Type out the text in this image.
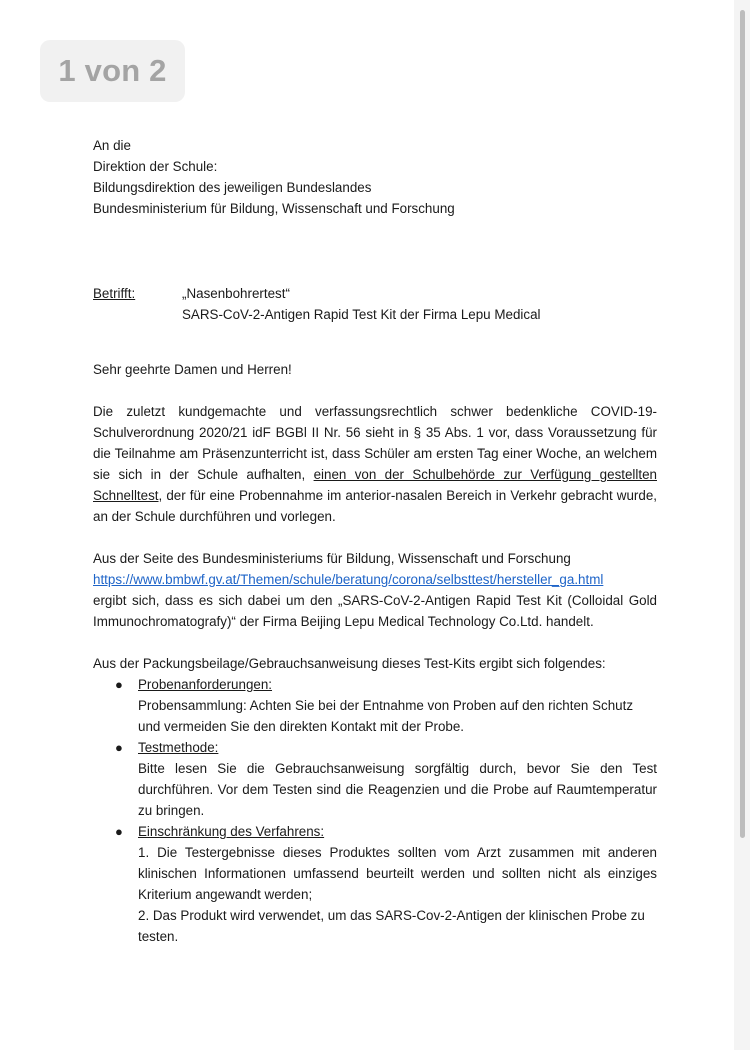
1 von 2
An die
Direktion der Schule:
Bildungsdirektion des jeweiligen Bundeslandes
Bundesministerium für Bildung, Wissenschaft und Forschung
Betrifft:	„Nasenbohrertest“
SARS-CoV-2-Antigen Rapid Test Kit der Firma Lepu Medical
Sehr geehrte Damen und Herren!
Die zuletzt kundgemachte und verfassungsrechtlich schwer bedenkliche COVID-19- Schulverordnung 2020/21 idF BGBl II Nr. 56 sieht in § 35 Abs. 1 vor, dass Voraussetzung für die Teilnahme am Präsenzunterricht ist, dass Schüler am ersten Tag einer Woche, an welchem sie sich in der Schule aufhalten, einen von der Schulbehörde zur Verfügung gestellten Schnelltest, der für eine Probennahme im anterior-nasalen Bereich in Verkehr gebracht wurde, an der Schule durchführen und vorlegen.
Aus der Seite des Bundesministeriums für Bildung, Wissenschaft und Forschung
https://www.bmbwf.gv.at/Themen/schule/beratung/corona/selbsttest/hersteller_ga.html
ergibt sich, dass es sich dabei um den „SARS-CoV-2-Antigen Rapid Test Kit (Colloidal Gold Immunochromatografy)“ der Firma Beijing Lepu Medical Technology Co.Ltd. handelt.
Aus der Packungsbeilage/Gebrauchsanweisung dieses Test-Kits ergibt sich folgendes:
● Probenanforderungen:
Probensammlung: Achten Sie bei der Entnahme von Proben auf den richten Schutz
und vermeiden Sie den direkten Kontakt mit der Probe.
● Testmethode:
Bitte lesen Sie die Gebrauchsanweisung sorgfältig durch, bevor Sie den Test durchführen. Vor dem Testen sind die Reagenzien und die Probe auf Raumtemperatur zu bringen.
● Einschränkung des Verfahrens:
1. Die Testergebnisse dieses Produktes sollten vom Arzt zusammen mit anderen klinischen Informationen umfassend beurteilt werden und sollten nicht als einziges Kriterium angewandt werden;
2. Das Produkt wird verwendet, um das SARS-Cov-2-Antigen der klinischen Probe zu
testen.
